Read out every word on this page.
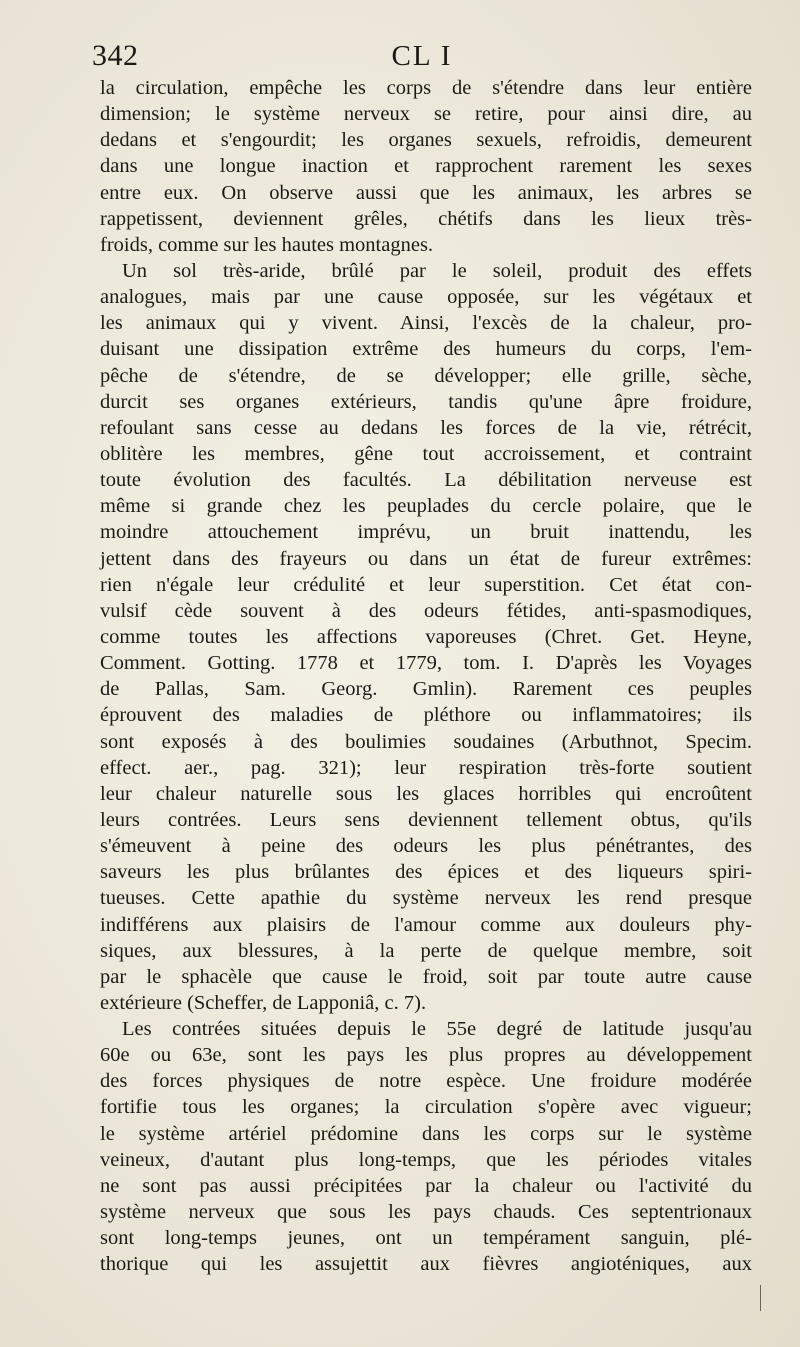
CL I
342
la circulation, empêche les corps de s'étendre dans leur entière
dimension; le système nerveux se retire, pour ainsi dire, au
dedans et s'engourdit; les organes sexuels, refroidis, demeurent
dans une longue inaction et rapprochent rarement les sexes
entre eux. On observe aussi que les animaux, les arbres se
rappetissent, deviennent grêles, chétifs dans les lieux très-
froids, comme sur les hautes montagnes.
Un sol très-aride, brûlé par le soleil, produit des effets
analogues, mais par une cause opposée, sur les végétaux et
les animaux qui y vivent. Ainsi, l'excès de la chaleur, pro-
duisant une dissipation extrême des humeurs du corps, l'em-
pêche de s'étendre, de se développer; elle grille, sèche,
durcit ses organes extérieurs, tandis qu'une âpre froidure,
refoulant sans cesse au dedans les forces de la vie, rétrécit,
oblitère les membres, gêne tout accroissement, et contraint
toute évolution des facultés. La débilitation nerveuse est
même si grande chez les peuplades du cercle polaire, que le
moindre attouchement imprévu, un bruit inattendu, les
jettent dans des frayeurs ou dans un état de fureur extrêmes:
rien n'égale leur crédulité et leur superstition. Cet état con-
vulsif cède souvent à des odeurs fétides, anti-spasmodiques,
comme toutes les affections vaporeuses (Chret. Get. Heyne,
Comment. Gotting. 1778 et 1779, tom. I. D'après les Voyages
de Pallas, Sam. Georg. Gmlin). Rarement ces peuples
éprouvent des maladies de pléthore ou inflammatoires; ils
sont exposés à des boulimies soudaines (Arbuthnot, Specim.
effect. aer., pag. 321); leur respiration très-forte soutient
leur chaleur naturelle sous les glaces horribles qui encroûtent
leurs contrées. Leurs sens deviennent tellement obtus, qu'ils
s'émeuvent à peine des odeurs les plus pénétrantes, des
saveurs les plus brûlantes des épices et des liqueurs spiri-
tueuses. Cette apathie du système nerveux les rend presque
indifférens aux plaisirs de l'amour comme aux douleurs phy-
siques, aux blessures, à la perte de quelque membre, soit
par le sphacèle que cause le froid, soit par toute autre cause
extérieure (Scheffer, de Lapponiâ, c. 7).
Les contrées situées depuis le 55e degré de latitude jusqu'au
60e ou 63e, sont les pays les plus propres au développement
des forces physiques de notre espèce. Une froidure modérée
fortifie tous les organes; la circulation s'opère avec vigueur;
le système artériel prédomine dans les corps sur le système
veineux, d'autant plus long-temps, que les périodes vitales
ne sont pas aussi précipitées par la chaleur ou l'activité du
système nerveux que sous les pays chauds. Ces septentrionaux
sont long-temps jeunes, ont un tempérament sanguin, plé-
thorique qui les assujettit aux fièvres angioténiques, aux
